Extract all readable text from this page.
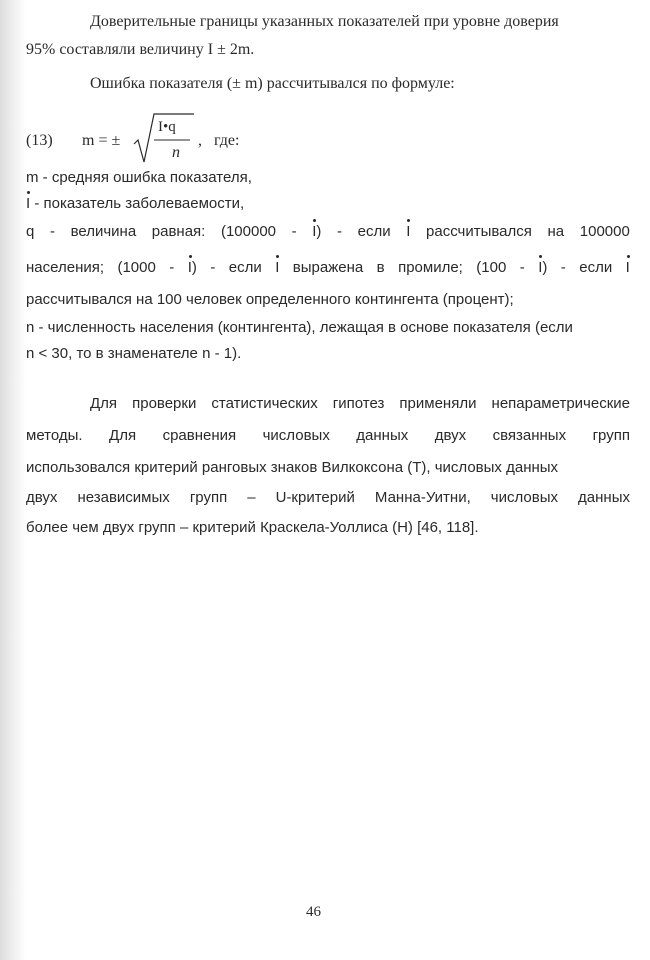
Доверительные границы указанных показателей при уровне доверия
95% составляли величину I ± 2m.
Ошибка показателя (± m) рассчитывался по формуле:
(13) m = ±
I•q
n
,   где:
m - средняя ошибка показателя,
I - показатель заболеваемости,
q - величина равная: (100000 - I) - если I рассчитывался на 100000
населения; (1000 - I) - если I выражена в промиле; (100 - I) - если I
рассчитывался на 100 человек определенного контингента (процент);
n - численность населения (контингента), лежащая в основе показателя (если
n < 30, то в знаменателе n - 1).
Для проверки статистических гипотез применяли непараметрические
методы. Для сравнения числовых данных двух связанных групп
использовался критерий ранговых знаков Вилкоксона (Т), числовых данных
двух независимых групп – U-критерий Манна-Уитни, числовых данных
более чем двух групп – критерий Краскела-Уоллиса (Н) [46, 118].
46
